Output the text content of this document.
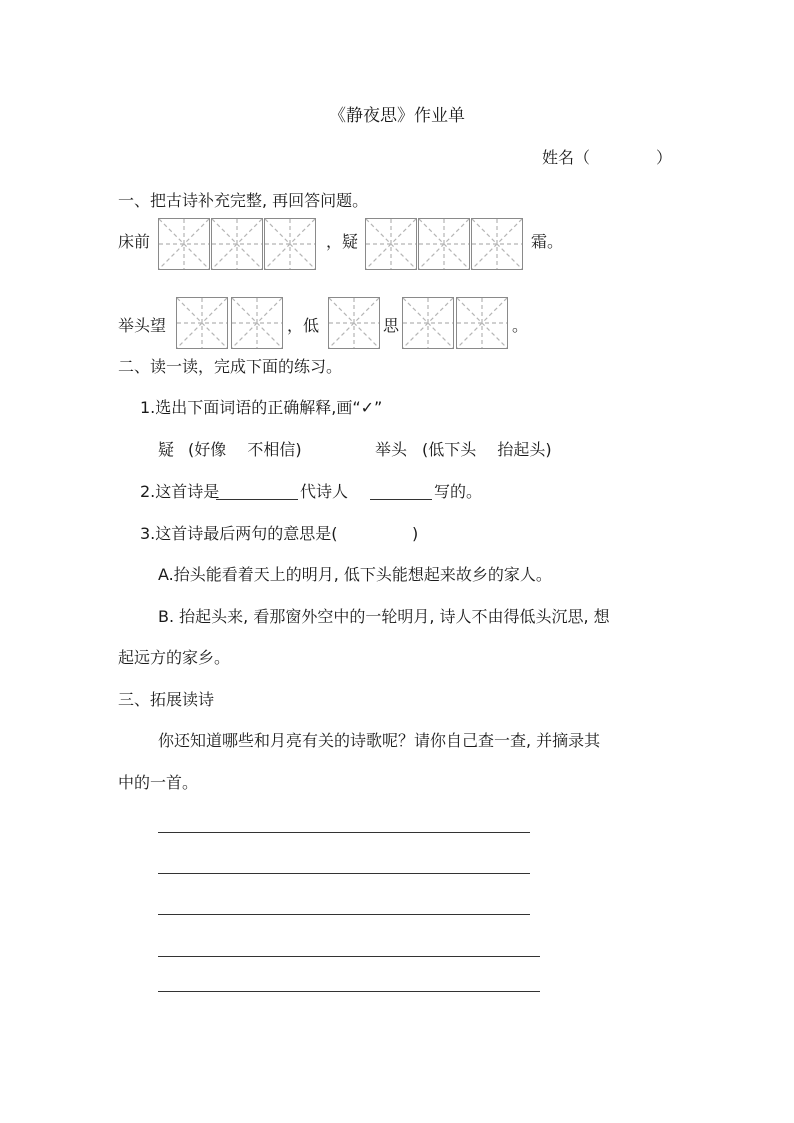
《静夜思》作业单
姓名（	）
一、把古诗补充完整, 再回答问题。
床前	，疑	霜。
举头望	，低	思	。
二、读一读，完成下面的练习。
1.选出下面词语的正确解释,画“✓”
疑 (好像　 不相信)	举头 (低下头　 抬起头)
2.这首诗是	代诗人	写的。
3.这首诗最后两句的意思是(	)
A.抬头能看着天上的明月, 低下头能想起来故乡的家人。
B. 抬起头来, 看那窗外空中的一轮明月, 诗人不由得低头沉思, 想
起远方的家乡。
三、拓展读诗
你还知道哪些和月亮有关的诗歌呢？请你自己查一查, 并摘录其
中的一首。
